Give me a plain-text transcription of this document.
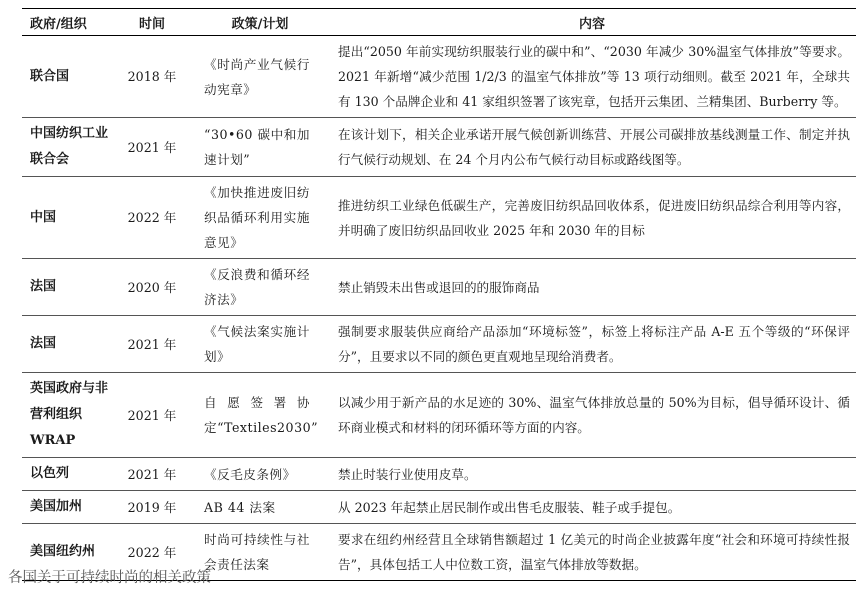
政府/组织	时间	政策/计划	内容
联合国	2018 年	《时尚产业气候行动宪章》	提出“2050 年前实现纺织服装行业的碳中和”、“2030 年减少 30%温室气体排放”等要求。2021 年新增“减少范围 1/2/3 的温室气体排放”等 13 项行动细则。截至 2021 年，全球共有 130 个品牌企业和 41 家组织签署了该宪章，包括开云集团、兰精集团、Burberry 等。
中国纺织工业联合会	2021 年	“30•60 碳中和加速计划”	在该计划下，相关企业承诺开展气候创新训练营、开展公司碳排放基线测量工作、制定并执行气候行动规划、在 24 个月内公布气候行动目标或路线图等。
中国	2022 年	《加快推进废旧纺织品循环利用实施意见》	推进纺织工业绿色低碳生产，完善废旧纺织品回收体系，促进废旧纺织品综合利用等内容，并明确了废旧纺织品回收业 2025 年和 2030 年的目标
法国	2020 年	《反浪费和循环经济法》	禁止销毁未出售或退回的的服饰商品
法国	2021 年	《气候法案实施计划》	强制要求服装供应商给产品添加“环境标签”，标签上将标注产品 A-E 五个等级的“环保评分”，且要求以不同的颜色更直观地呈现给消费者。
英国政府与非营利组织 WRAP	2021 年	自愿签署协定“Textiles2030”	以减少用于新产品的水足迹的 30%、温室气体排放总量的 50%为目标，倡导循环设计、循环商业模式和材料的闭环循环等方面的内容。
以色列	2021 年	《反毛皮条例》	禁止时装行业使用皮草。
美国加州	2019 年	AB 44 法案	从 2023 年起禁止居民制作或出售毛皮服装、鞋子或手提包。
美国纽约州	2022 年	时尚可持续性与社会责任法案	要求在纽约州经营且全球销售额超过 1 亿美元的时尚企业披露年度“社会和环境可持续性报告”，具体包括工人中位数工资，温室气体排放等数据。
各国关于可持续时尚的相关政策
